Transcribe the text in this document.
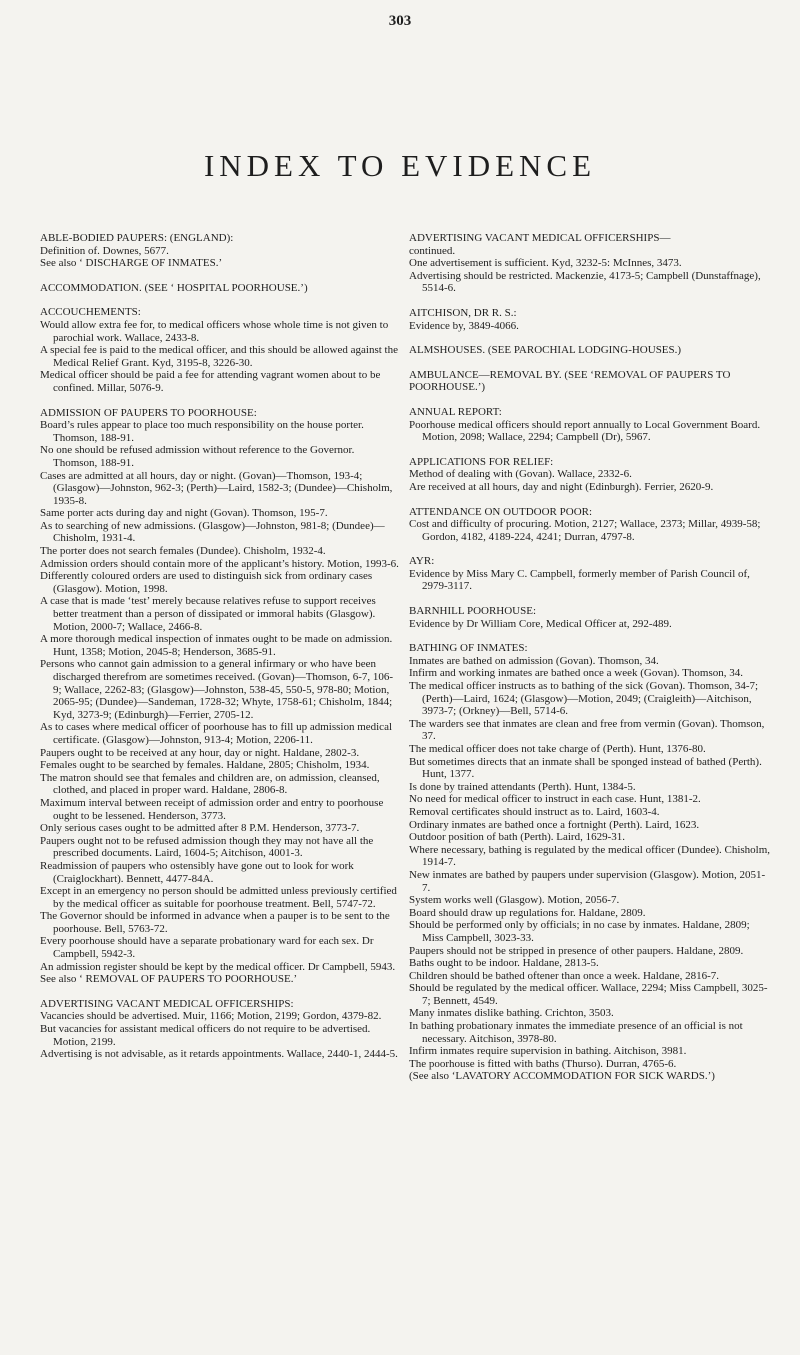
303
INDEX TO EVIDENCE
ABLE-BODIED PAUPERS: (ENGLAND):
Definition of. Downes, 5677.
See also ‘ DISCHARGE OF INMATES.’
ACCOMMODATION. (SEE ‘ HOSPITAL POORHOUSE.’)
ACCOUCHEMENTS:
Would allow extra fee for, to medical officers whose whole time is not given to parochial work. Wallace, 2433-8.
A special fee is paid to the medical officer, and this should be allowed against the Medical Relief Grant. Kyd, 3195-8, 3226-30.
Medical officer should be paid a fee for attending vagrant women about to be confined. Millar, 5076-9.
ADMISSION OF PAUPERS TO POORHOUSE:
Board’s rules appear to place too much responsibility on the house porter. Thomson, 188-91.
No one should be refused admission without reference to the Governor. Thomson, 188-91.
Cases are admitted at all hours, day or night. (Govan)—Thomson, 193-4; (Glasgow)—Johnston, 962-3; (Perth)—Laird, 1582-3; (Dundee)—Chisholm, 1935-8.
Same porter acts during day and night (Govan). Thomson, 195-7.
As to searching of new admissions. (Glasgow)—Johnston, 981-8; (Dundee)—Chisholm, 1931-4.
The porter does not search females (Dundee). Chisholm, 1932-4.
Admission orders should contain more of the applicant’s history. Motion, 1993-6.
Differently coloured orders are used to distinguish sick from ordinary cases (Glasgow). Motion, 1998.
A case that is made ‘test’ merely because relatives refuse to support receives better treatment than a person of dissipated or immoral habits (Glasgow). Motion, 2000-7; Wallace, 2466-8.
A more thorough medical inspection of inmates ought to be made on admission. Hunt, 1358; Motion, 2045-8; Henderson, 3685-91.
Persons who cannot gain admission to a general infirmary or who have been discharged therefrom are sometimes received. (Govan)—Thomson, 6-7, 106-9; Wallace, 2262-83; (Glasgow)—Johnston, 538-45, 550-5, 978-80; Motion, 2065-95; (Dundee)—Sandeman, 1728-32; Whyte, 1758-61; Chisholm, 1844; Kyd, 3273-9; (Edinburgh)—Ferrier, 2705-12.
As to cases where medical officer of poorhouse has to fill up admission medical certificate. (Glasgow)—Johnston, 913-4; Motion, 2206-11.
Paupers ought to be received at any hour, day or night. Haldane, 2802-3.
Females ought to be searched by females. Haldane, 2805; Chisholm, 1934.
The matron should see that females and children are, on admission, cleansed, clothed, and placed in proper ward. Haldane, 2806-8.
Maximum interval between receipt of admission order and entry to poorhouse ought to be lessened. Henderson, 3773.
Only serious cases ought to be admitted after 8 P.M. Henderson, 3773-7.
Paupers ought not to be refused admission though they may not have all the prescribed documents. Laird, 1604-5; Aitchison, 4001-3.
Readmission of paupers who ostensibly have gone out to look for work (Craiglockhart). Bennett, 4477-84A.
Except in an emergency no person should be admitted unless previously certified by the medical officer as suitable for poorhouse treatment. Bell, 5747-72.
The Governor should be informed in advance when a pauper is to be sent to the poorhouse. Bell, 5763-72.
Every poorhouse should have a separate probationary ward for each sex. Dr Campbell, 5942-3.
An admission register should be kept by the medical officer. Dr Campbell, 5943.
See also ‘ REMOVAL OF PAUPERS TO POORHOUSE.’
ADVERTISING VACANT MEDICAL OFFICERSHIPS:
Vacancies should be advertised. Muir, 1166; Motion, 2199; Gordon, 4379-82.
But vacancies for assistant medical officers do not require to be advertised. Motion, 2199.
Advertising is not advisable, as it retards appointments. Wallace, 2440-1, 2444-5.
ADVERTISING VACANT MEDICAL OFFICERSHIPS—
continued.
One advertisement is sufficient. Kyd, 3232-5: McInnes, 3473.
Advertising should be restricted. Mackenzie, 4173-5; Campbell (Dunstaffnage), 5514-6.
AITCHISON, DR R. S.:
Evidence by, 3849-4066.
ALMSHOUSES. (SEE PAROCHIAL LODGING-HOUSES.)
AMBULANCE—REMOVAL BY. (SEE ‘REMOVAL OF PAUPERS TO POORHOUSE.’)
ANNUAL REPORT:
Poorhouse medical officers should report annually to Local Government Board. Motion, 2098; Wallace, 2294; Campbell (Dr), 5967.
APPLICATIONS FOR RELIEF:
Method of dealing with (Govan). Wallace, 2332-6.
Are received at all hours, day and night (Edinburgh). Ferrier, 2620-9.
ATTENDANCE ON OUTDOOR POOR:
Cost and difficulty of procuring. Motion, 2127; Wallace, 2373; Millar, 4939-58; Gordon, 4182, 4189-224, 4241; Durran, 4797-8.
AYR:
Evidence by Miss Mary C. Campbell, formerly member of Parish Council of, 2979-3117.
BARNHILL POORHOUSE:
Evidence by Dr William Core, Medical Officer at, 292-489.
BATHING OF INMATES:
Inmates are bathed on admission (Govan). Thomson, 34.
Infirm and working inmates are bathed once a week (Govan). Thomson, 34.
The medical officer instructs as to bathing of the sick (Govan). Thomson, 34-7; (Perth)—Laird, 1624; (Glasgow)—Motion, 2049; (Craigleith)—Aitchison, 3973-7; (Orkney)—Bell, 5714-6.
The warders see that inmates are clean and free from vermin (Govan). Thomson, 37.
The medical officer does not take charge of (Perth). Hunt, 1376-80.
But sometimes directs that an inmate shall be sponged instead of bathed (Perth). Hunt, 1377.
Is done by trained attendants (Perth). Hunt, 1384-5.
No need for medical officer to instruct in each case. Hunt, 1381-2.
Removal certificates should instruct as to. Laird, 1603-4.
Ordinary inmates are bathed once a fortnight (Perth). Laird, 1623.
Outdoor position of bath (Perth). Laird, 1629-31.
Where necessary, bathing is regulated by the medical officer (Dundee). Chisholm, 1914-7.
New inmates are bathed by paupers under supervision (Glasgow). Motion, 2051-7.
System works well (Glasgow). Motion, 2056-7.
Board should draw up regulations for. Haldane, 2809.
Should be performed only by officials; in no case by inmates. Haldane, 2809; Miss Campbell, 3023-33.
Paupers should not be stripped in presence of other paupers. Haldane, 2809.
Baths ought to be indoor. Haldane, 2813-5.
Children should be bathed oftener than once a week. Haldane, 2816-7.
Should be regulated by the medical officer. Wallace, 2294; Miss Campbell, 3025-7; Bennett, 4549.
Many inmates dislike bathing. Crichton, 3503.
In bathing probationary inmates the immediate presence of an official is not necessary. Aitchison, 3978-80.
Infirm inmates require supervision in bathing. Aitchison, 3981.
The poorhouse is fitted with baths (Thurso). Durran, 4765-6.
(See also ‘LAVATORY ACCOMMODATION FOR SICK WARDS.’)
